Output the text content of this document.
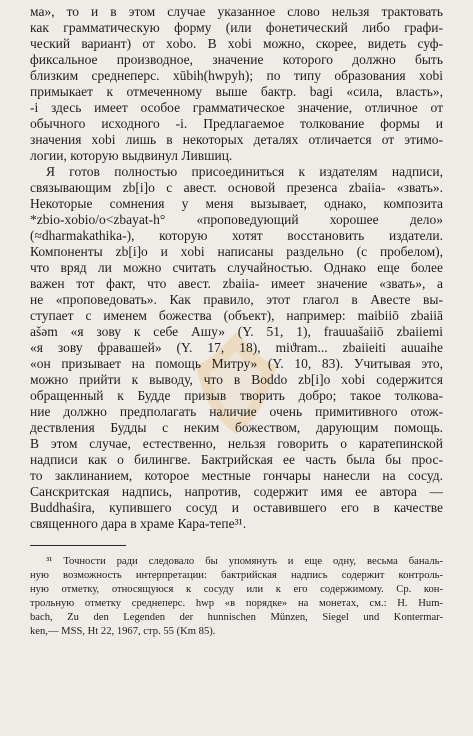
ма», то и в этом случае указанное слово нельзя трактовать
как грамматическую форму (или фонетический либо графи-
ческий вариант) от xobo. В xobi можно, скорее, видеть суф-
фиксальное производное, значение которого должно быть
близким среднеперс. xūbih(hwpyh); по типу образования xobi
примыкает к отмеченному выше бактр. bagi «сила, власть»,
-i здесь имеет особое грамматическое значение, отличное от
обычного исходного -i. Предлагаемое толкование формы и
значения xobi лишь в некоторых деталях отличается от этимо-
логии, которую выдвинул Лившиц.
Я готов полностью присоединиться к издателям надписи,
связывающим zb[i]o с авест. основой презенса zbaiia- «звать».
Некоторые сомнения у меня вызывает, однако, композита
*zbio-xobio/o<zbayat-h° «проповедующий хорошее дело»
(≈dharmakathika-), которую хотят восстановить издатели.
Компоненты zb[i]o и xobi написаны раздельно (с пробелом),
что вряд ли можно считать случайностью. Однако еще более
важен тот факт, что авест. zbaiia- имеет значение «звать», а
не «проповедовать». Как правило, этот глагол в Авесте вы-
ступает с именем божества (объект), например: maibiiō zbaiiā
ašəm «я зову к себе Ашу» (Y. 51, 1), frauuašaiiō zbaiiemi
«я зову фравашей» (Y. 17, 18), miϑram... zbaiieiti auuaihe
«он призывает на помощь Митру» (Y. 10, 83). Учитывая это,
можно прийти к выводу, что в Boddo zb[i]o xobi содержится
обращенный к Будде призыв творить добро; такое толкова-
ние должно предполагать наличие очень примитивного отож-
дествления Будды с неким божеством, дарующим помощь.
В этом случае, естественно, нельзя говорить о каратепинской
надписи как о билингве. Бактрийская ее часть была бы прос-
то заклинанием, которое местные гончары нанесли на сосуд.
Санскритская надпись, напротив, содержит имя ее автора —
Buddhaśira, купившего сосуд и оставившего его в качестве
священного дара в храме Кара-тепе³¹.
³¹ Точности ради следовало бы упомянуть и еще одну, весьма баналь-
ную возможность интерпретации: бактрийская надпись содержит контроль-
ную отметку, относящуюся к сосуду или к его содержимому. Ср. кон-
трольную отметку среднеперс. hwp «в порядке» на монетах, см.: H. Hum-
bach, Zu den Legenden der hunnischen Münzen, Siegel und Kontermar-
ken,— MSS, Ht 22, 1967, стр. 55 (Km 85).
